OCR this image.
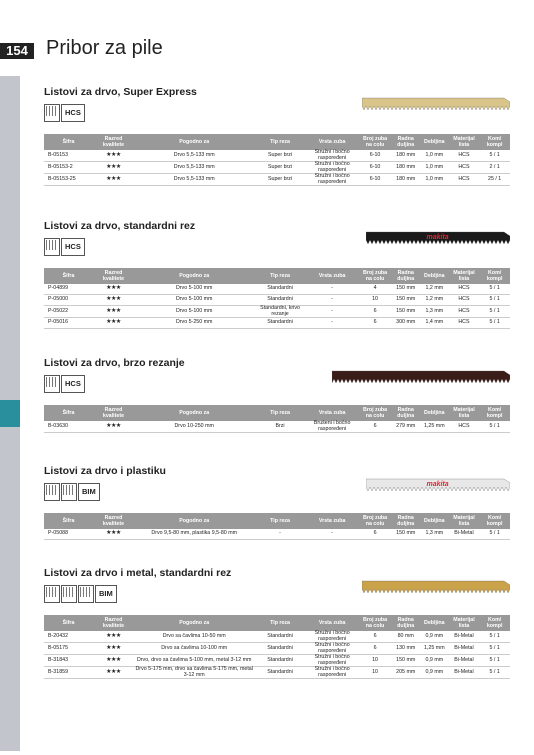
154 Pribor za pile
Listovi za drvo, Super Express
HCS
Šifra	Razred kvalitete	Pogodno za	Tip reza	Vrsta zuba	Broj zuba na colu	Radna duljina	Debljina	Materijal lista	Kom/ kompl
B-05153	★★★	Drvo 5,5-133 mm	Super brzi	Stružni i bočno raspoređeni	6-10	180 mm	1,0 mm	HCS	5 / 1
B-05153-2	★★★	Drvo 5,5-133 mm	Super brzi	Stružni i bočno raspoređeni	6-10	180 mm	1,0 mm	HCS	2 / 1
B-05153-25	★★★	Drvo 5,5-133 mm	Super brzi	Stružni i bočno raspoređeni	6-10	180 mm	1,0 mm	HCS	25 / 1
Listovi za drvo, standardni rez
HCS
makita
Šifra	Razred kvalitete	Pogodno za	Tip reza	Vrsta zuba	Broj zuba na colu	Radna duljina	Debljina	Materijal lista	Kom/ kompl
P-04899	★★★	Drvo 5-100 mm	Standardni	-	4	150 mm	1,2 mm	HCS	5 / 1
P-05000	★★★	Drvo 5-100 mm	Standardni	-	10	150 mm	1,2 mm	HCS	5 / 1
P-05022	★★★	Drvo 5-100 mm	Standardni, krivo rezanje	-	6	150 mm	1,3 mm	HCS	5 / 1
P-05016	★★★	Drvo 5-250 mm	Standardni	-	6	300 mm	1,4 mm	HCS	5 / 1
Listovi za drvo, brzo rezanje
HCS
Šifra	Razred kvalitete	Pogodno za	Tip reza	Vrsta zuba	Broj zuba na colu	Radna duljina	Debljina	Materijal lista	Kom/ kompl
B-03630	★★★	Drvo 10-250 mm	Brzi	Brušeni i bočno raspoređeni	6	279 mm	1,25 mm	HCS	5 / 1
Listovi za drvo i plastiku
BIM
makita
Šifra	Razred kvalitete	Pogodno za	Tip reza	Vrsta zuba	Broj zuba na colu	Radna duljina	Debljina	Materijal lista	Kom/ kompl
P-05088	★★★	Drvo 9,5-80 mm, plastika 9,5-80 mm	-	-	6	150 mm	1,3 mm	Bi-Metal	5 / 1
Listovi za drvo i metal, standardni rez
BIM
Šifra	Razred kvalitete	Pogodno za	Tip reza	Vrsta zuba	Broj zuba na colu	Radna duljina	Debljina	Materijal lista	Kom/ kompl
B-20432	★★★	Drvo sa čavlima 10-50 mm	Standardni	Stružni i bočno raspoređeni	6	80 mm	0,9 mm	Bi-Metal	5 / 1
B-05175	★★★	Drvo sa čavlima 10-100 mm	Standardni	Stružni i bočno raspoređeni	6	130 mm	1,25 mm	Bi-Metal	5 / 1
B-31843	★★★	Drvo, drvo sa čavlima 5-100 mm, metal 3-12 mm	Standardni	Stružni i bočno raspoređeni	10	150 mm	0,9 mm	Bi-Metal	5 / 1
B-31859	★★★	Drvo 5-175 mm, drvo sa čavlima 5-175 mm, metal 3-12 mm	Standardni	Stružni i bočno raspoređeni	10	205 mm	0,9 mm	Bi-Metal	5 / 1
